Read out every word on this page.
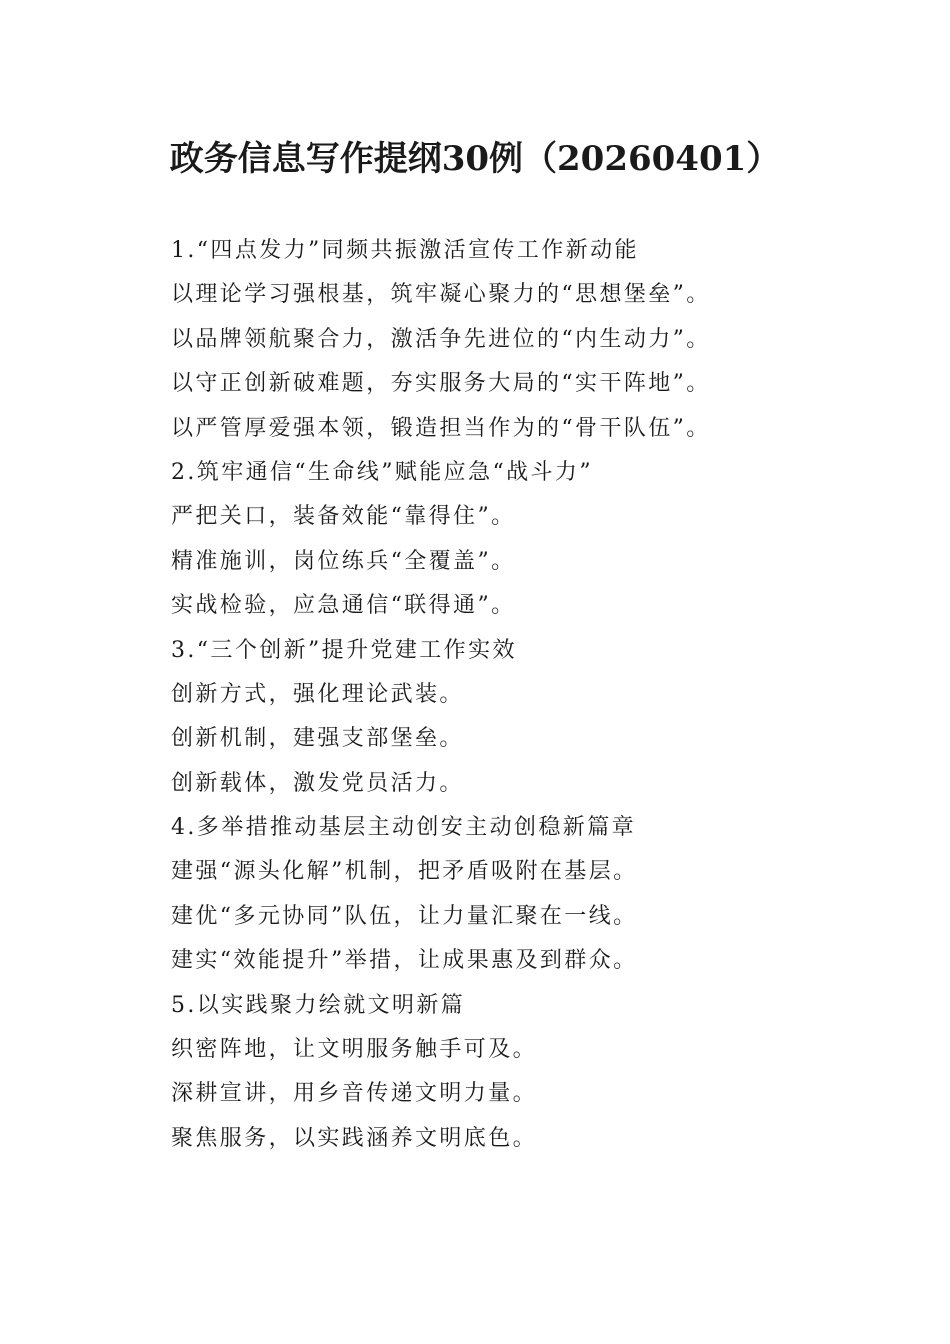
政务信息写作提纲30例（20260401）
1.“四点发力”同频共振激活宣传工作新动能
以理论学习强根基，筑牢凝心聚力的“思想堡垒”。
以品牌领航聚合力，激活争先进位的“内生动力”。
以守正创新破难题，夯实服务大局的“实干阵地”。
以严管厚爱强本领，锻造担当作为的“骨干队伍”。
2.筑牢通信“生命线”赋能应急“战斗力”
严把关口，装备效能“靠得住”。
精准施训，岗位练兵“全覆盖”。
实战检验，应急通信“联得通”。
3.“三个创新”提升党建工作实效
创新方式，强化理论武装。
创新机制，建强支部堡垒。
创新载体，激发党员活力。
4.多举措推动基层主动创安主动创稳新篇章
建强“源头化解”机制，把矛盾吸附在基层。
建优“多元协同”队伍，让力量汇聚在一线。
建实“效能提升”举措，让成果惠及到群众。
5.以实践聚力绘就文明新篇
织密阵地，让文明服务触手可及。
深耕宣讲，用乡音传递文明力量。
聚焦服务，以实践涵养文明底色。
